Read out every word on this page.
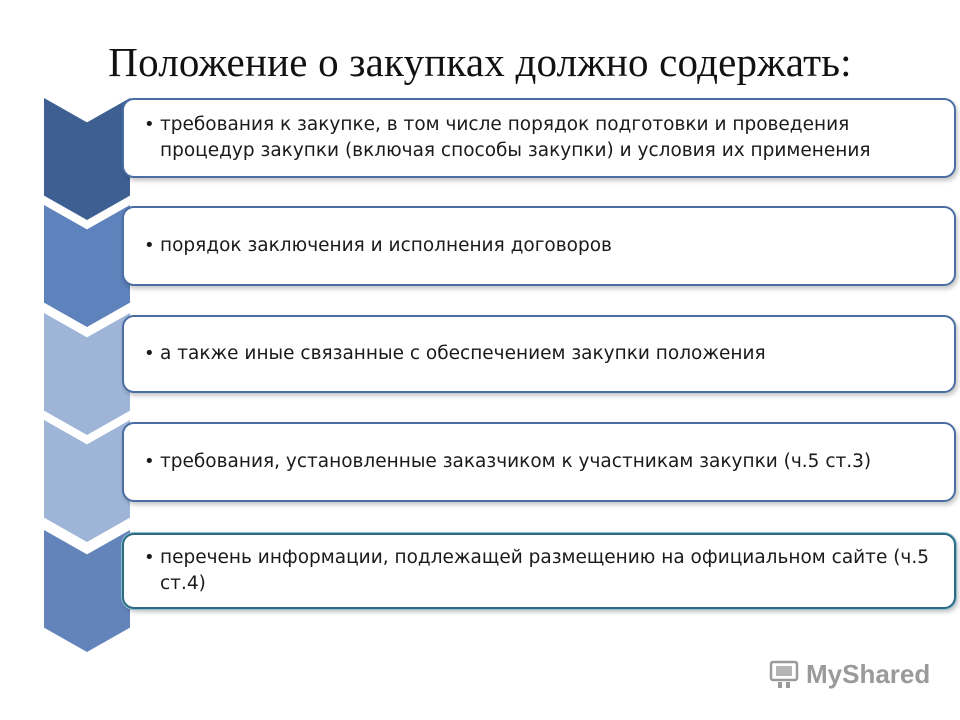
Положение о закупках должно содержать:
• требования к закупке, в том числе порядок подготовки и проведения процедур закупки (включая способы закупки) и условия их применения
• порядок заключения и исполнения договоров
• а также иные связанные с обеспечением закупки положения
• требования, установленные заказчиком к участникам закупки (ч.5 ст.3)
• перечень информации, подлежащей размещению на официальном сайте (ч.5 ст.4)
MyShared
